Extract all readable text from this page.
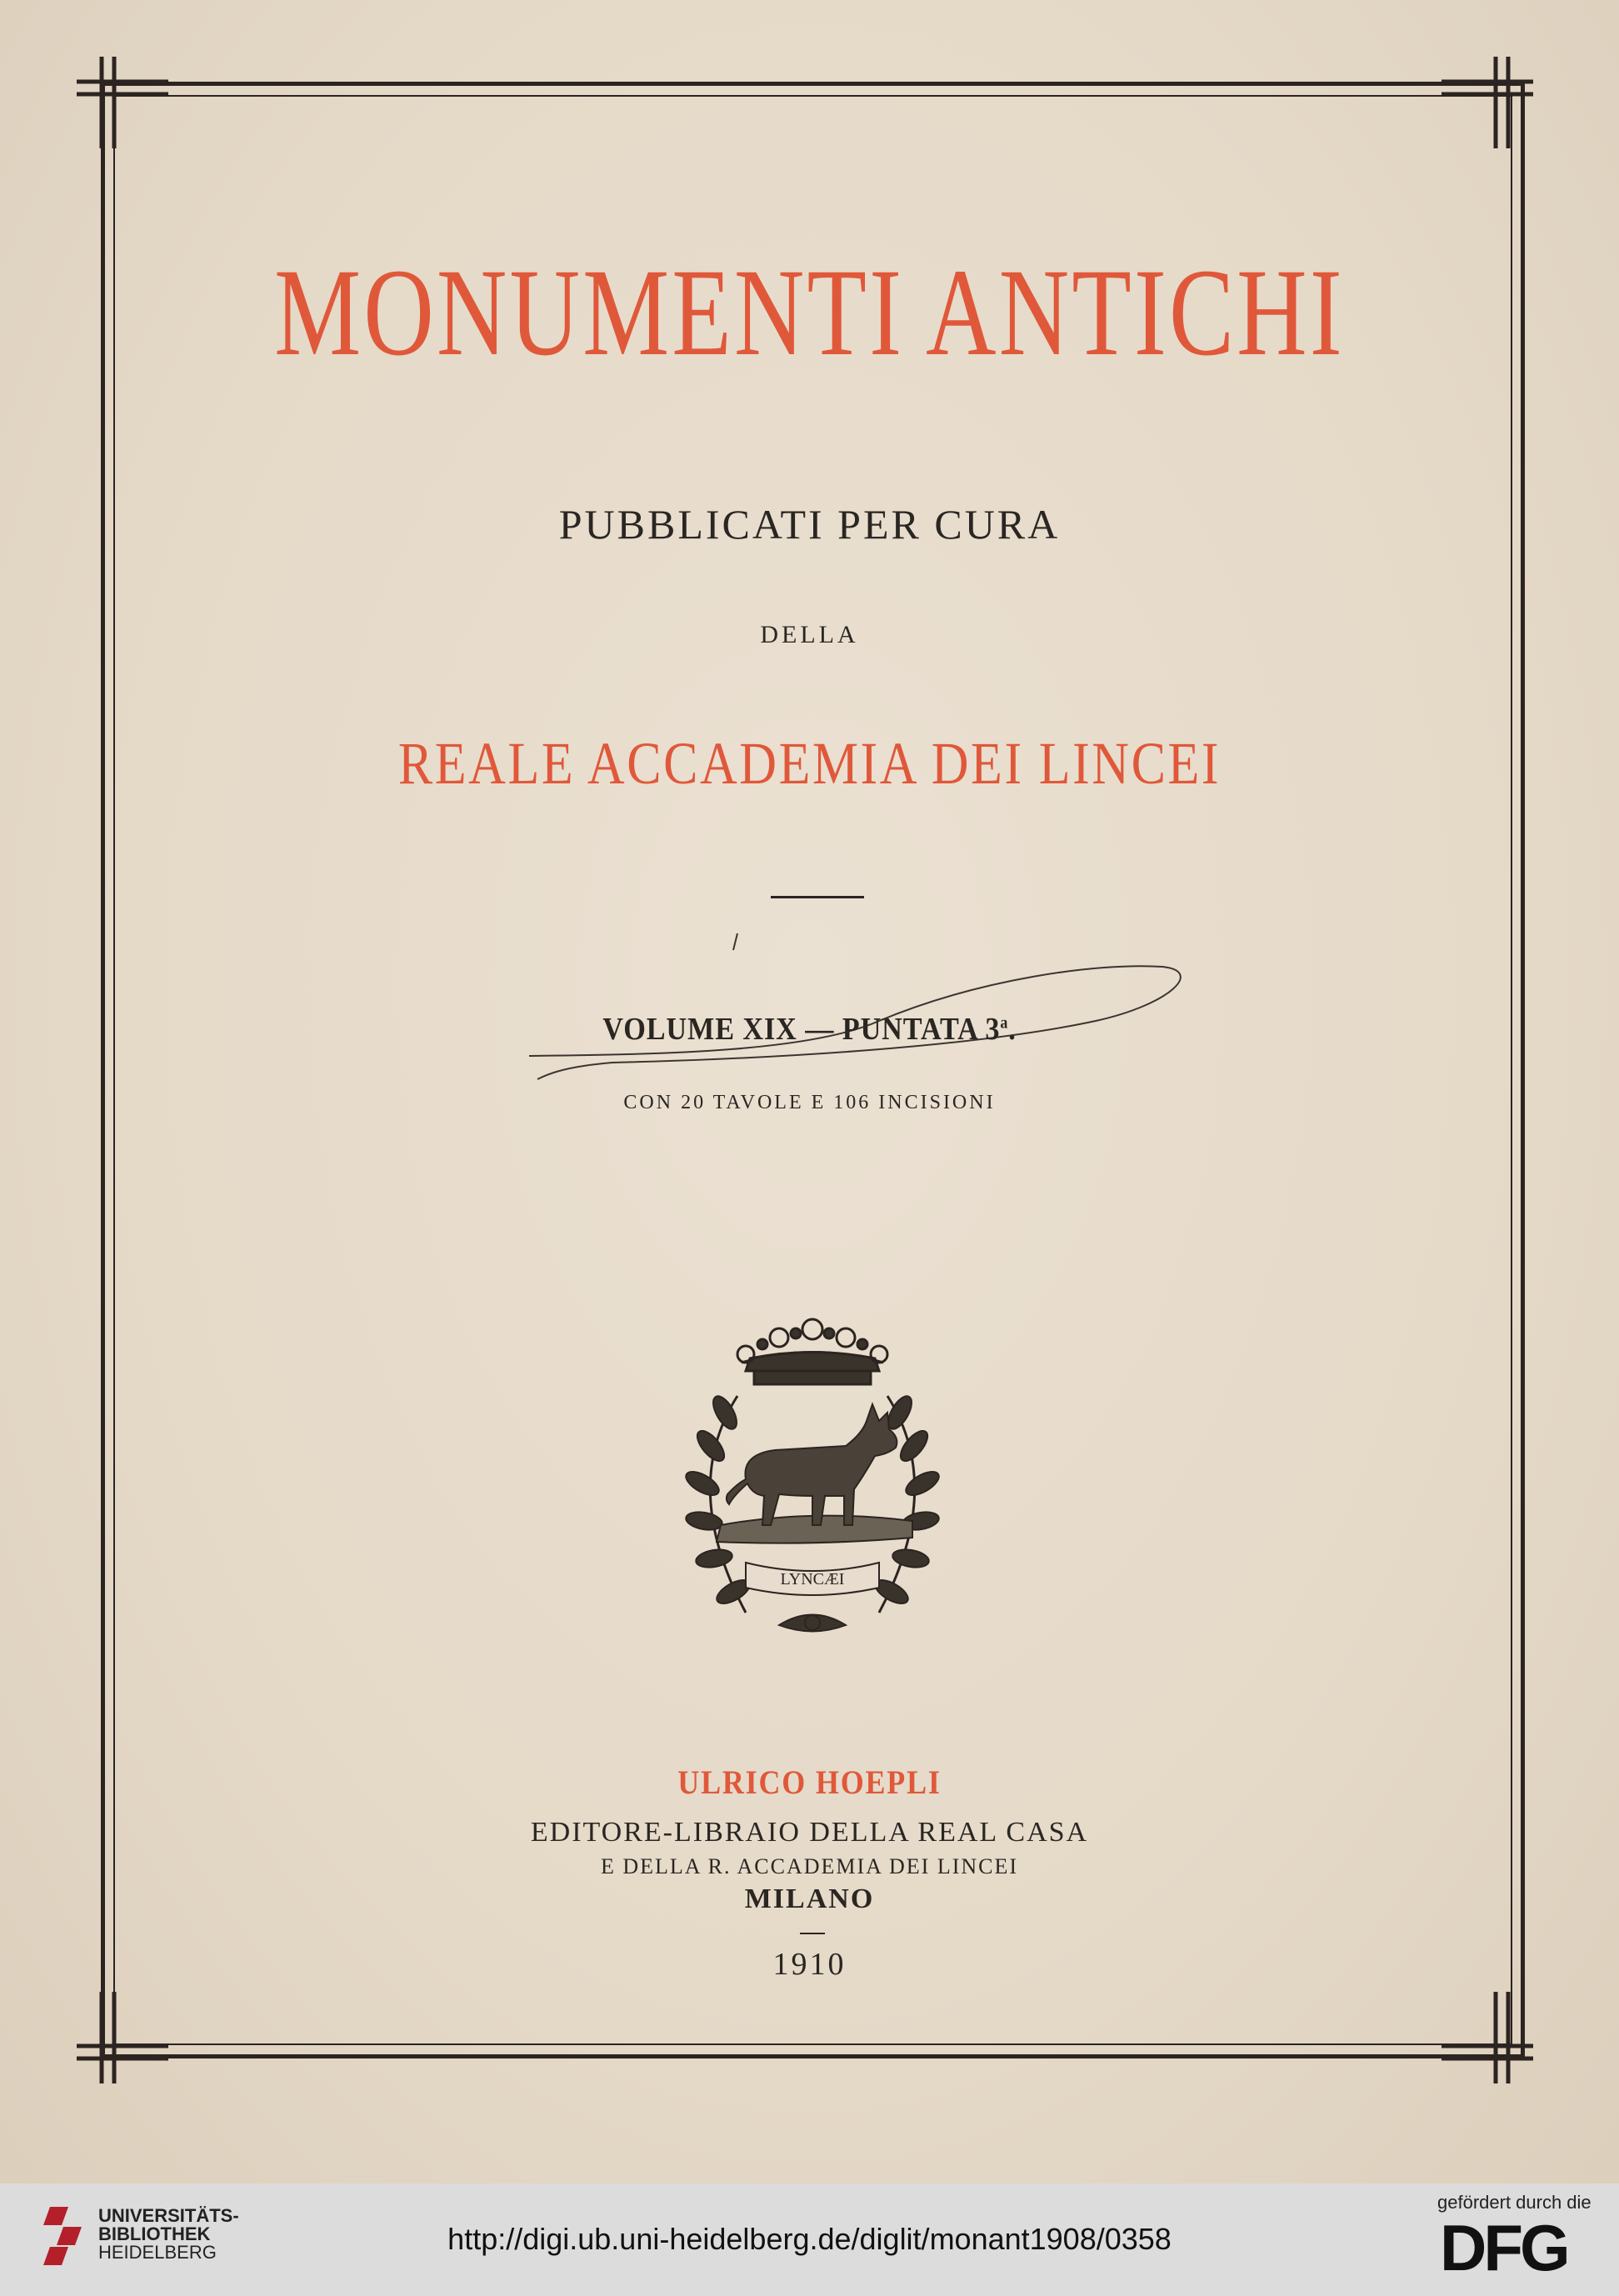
MONUMENTI ANTICHI
PUBBLICATI PER CURA
DELLA
REALE ACCADEMIA DEI LINCEI
VOLUME XIX — PUNTATA 3$^a$.
CON 20 TAVOLE E 106 INCISIONI
LYNCÆI
ULRICO HOEPLI
EDITORE-LIBRAIO DELLA REAL CASA
E DELLA R. ACCADEMIA DEI LINCEI
MILANO
1910
UNIVERSITÄTS-
BIBLIOTHEK
HEIDELBERG	http://digi.ub.uni-heidelberg.de/diglit/monant1908/0358
gefördert durch die
DFG
